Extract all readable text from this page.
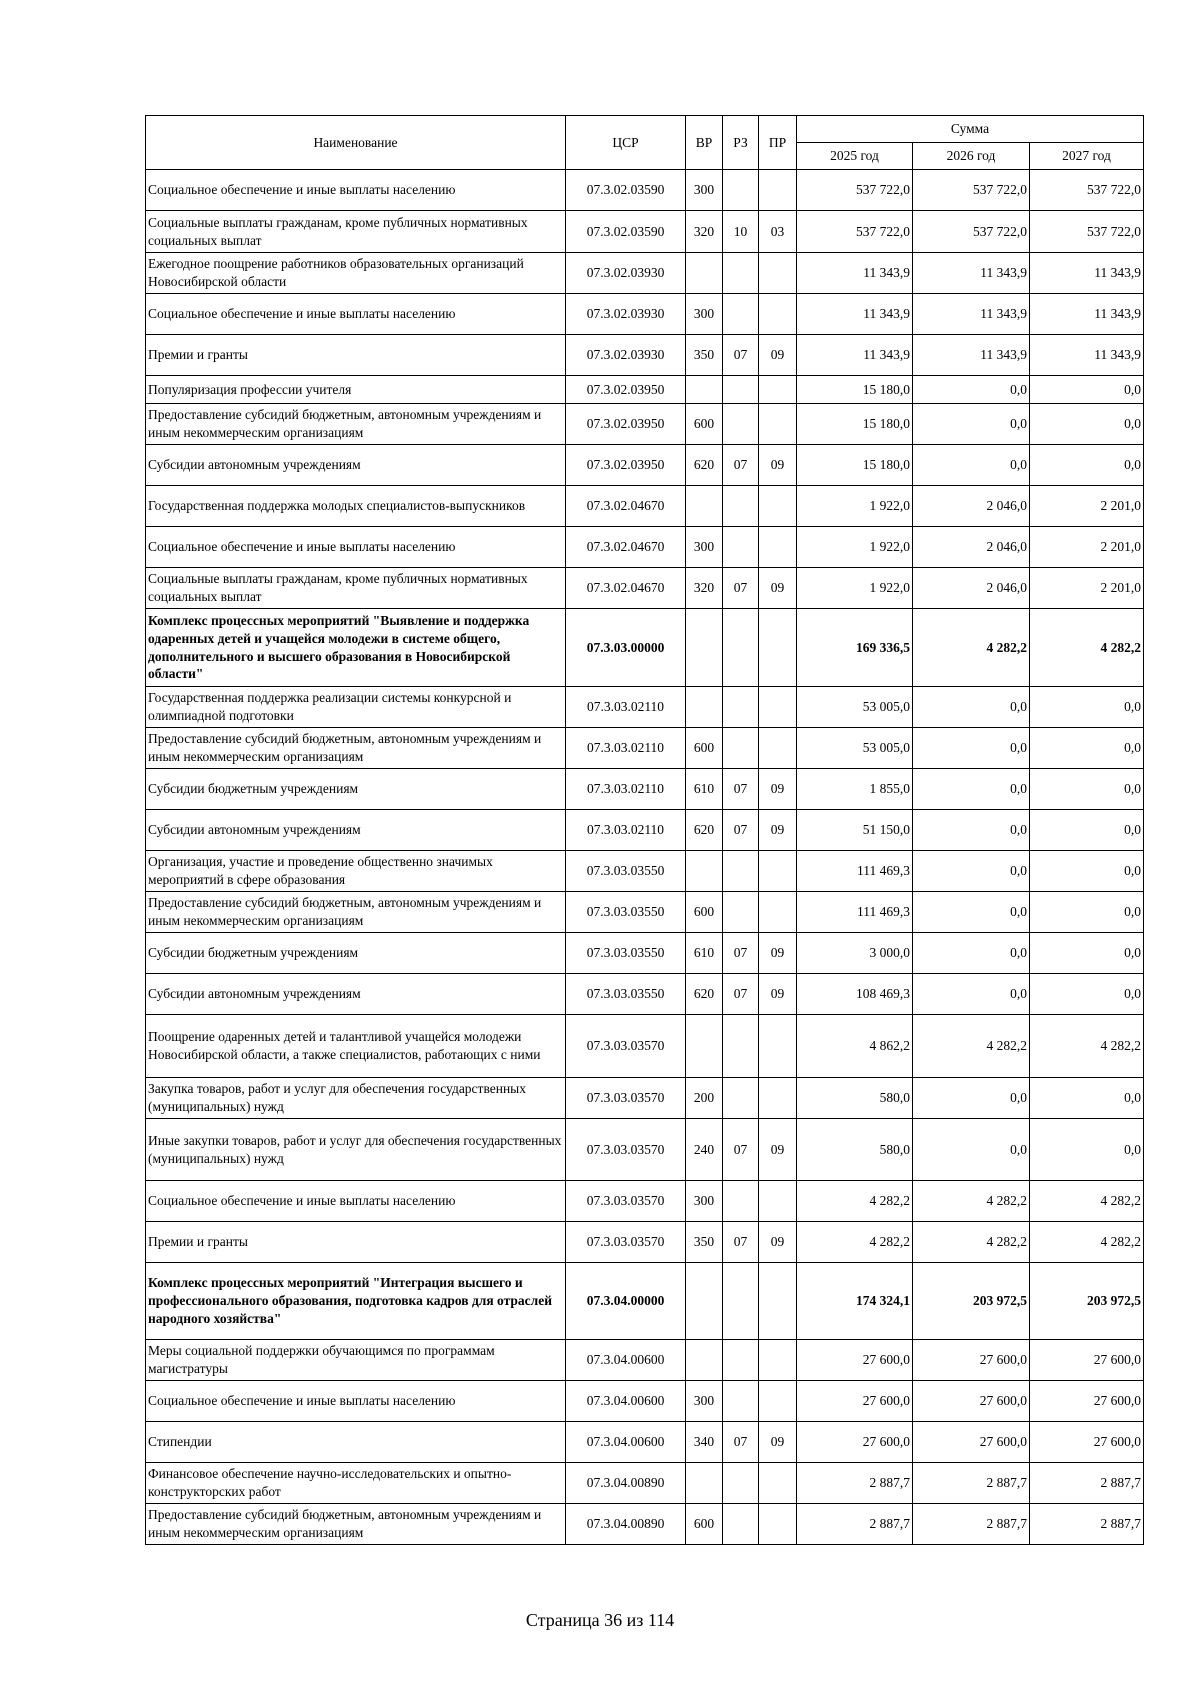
Наименование	ЦСР	ВР	РЗ	ПР	Сумма		
					2025 год	2026 год	2027 год
Социальное обеспечение и иные выплаты населению	07.3.02.03590	300			537 722,0	537 722,0	537 722,0
Социальные выплаты гражданам, кроме публичных нормативных социальных выплат	07.3.02.03590	320	10	03	537 722,0	537 722,0	537 722,0
Ежегодное поощрение работников образовательных организаций Новосибирской области	07.3.02.03930				11 343,9	11 343,9	11 343,9
Социальное обеспечение и иные выплаты населению	07.3.02.03930	300			11 343,9	11 343,9	11 343,9
Премии и гранты	07.3.02.03930	350	07	09	11 343,9	11 343,9	11 343,9
Популяризация профессии учителя	07.3.02.03950				15 180,0	0,0	0,0
Предоставление субсидий бюджетным, автономным учреждениям и иным некоммерческим организациям	07.3.02.03950	600			15 180,0	0,0	0,0
Субсидии автономным учреждениям	07.3.02.03950	620	07	09	15 180,0	0,0	0,0
Государственная поддержка молодых специалистов-выпускников	07.3.02.04670				1 922,0	2 046,0	2 201,0
Социальное обеспечение и иные выплаты населению	07.3.02.04670	300			1 922,0	2 046,0	2 201,0
Социальные выплаты гражданам, кроме публичных нормативных социальных выплат	07.3.02.04670	320	07	09	1 922,0	2 046,0	2 201,0
Комплекс процессных мероприятий "Выявление и поддержка одаренных детей и учащейся молодежи в системе общего, дополнительного и высшего образования в Новосибирской области"	07.3.03.00000				169 336,5	4 282,2	4 282,2
Государственная поддержка реализации системы конкурсной и олимпиадной подготовки	07.3.03.02110				53 005,0	0,0	0,0
Предоставление субсидий бюджетным, автономным учреждениям и иным некоммерческим организациям	07.3.03.02110	600			53 005,0	0,0	0,0
Субсидии бюджетным учреждениям	07.3.03.02110	610	07	09	1 855,0	0,0	0,0
Субсидии автономным учреждениям	07.3.03.02110	620	07	09	51 150,0	0,0	0,0
Организация, участие и проведение общественно значимых мероприятий в сфере образования	07.3.03.03550				111 469,3	0,0	0,0
Предоставление субсидий бюджетным, автономным учреждениям и иным некоммерческим организациям	07.3.03.03550	600			111 469,3	0,0	0,0
Субсидии бюджетным учреждениям	07.3.03.03550	610	07	09	3 000,0	0,0	0,0
Субсидии автономным учреждениям	07.3.03.03550	620	07	09	108 469,3	0,0	0,0
Поощрение одаренных детей и талантливой учащейся молодежи Новосибирской области, а также специалистов, работающих с ними	07.3.03.03570				4 862,2	4 282,2	4 282,2
Закупка товаров, работ и услуг для обеспечения государственных (муниципальных) нужд	07.3.03.03570	200			580,0	0,0	0,0
Иные закупки товаров, работ и услуг для обеспечения государственных (муниципальных) нужд	07.3.03.03570	240	07	09	580,0	0,0	0,0
Социальное обеспечение и иные выплаты населению	07.3.03.03570	300			4 282,2	4 282,2	4 282,2
Премии и гранты	07.3.03.03570	350	07	09	4 282,2	4 282,2	4 282,2
Комплекс процессных мероприятий "Интеграция высшего и профессионального образования, подготовка кадров для отраслей народного хозяйства"	07.3.04.00000				174 324,1	203 972,5	203 972,5
Меры социальной поддержки обучающимся по программам магистратуры	07.3.04.00600				27 600,0	27 600,0	27 600,0
Социальное обеспечение и иные выплаты населению	07.3.04.00600	300			27 600,0	27 600,0	27 600,0
Стипендии	07.3.04.00600	340	07	09	27 600,0	27 600,0	27 600,0
Финансовое обеспечение научно-исследовательских и опытно-конструкторских работ	07.3.04.00890				2 887,7	2 887,7	2 887,7
Предоставление субсидий бюджетным, автономным учреждениям и иным некоммерческим организациям	07.3.04.00890	600			2 887,7	2 887,7	2 887,7
Страница 36 из 114
